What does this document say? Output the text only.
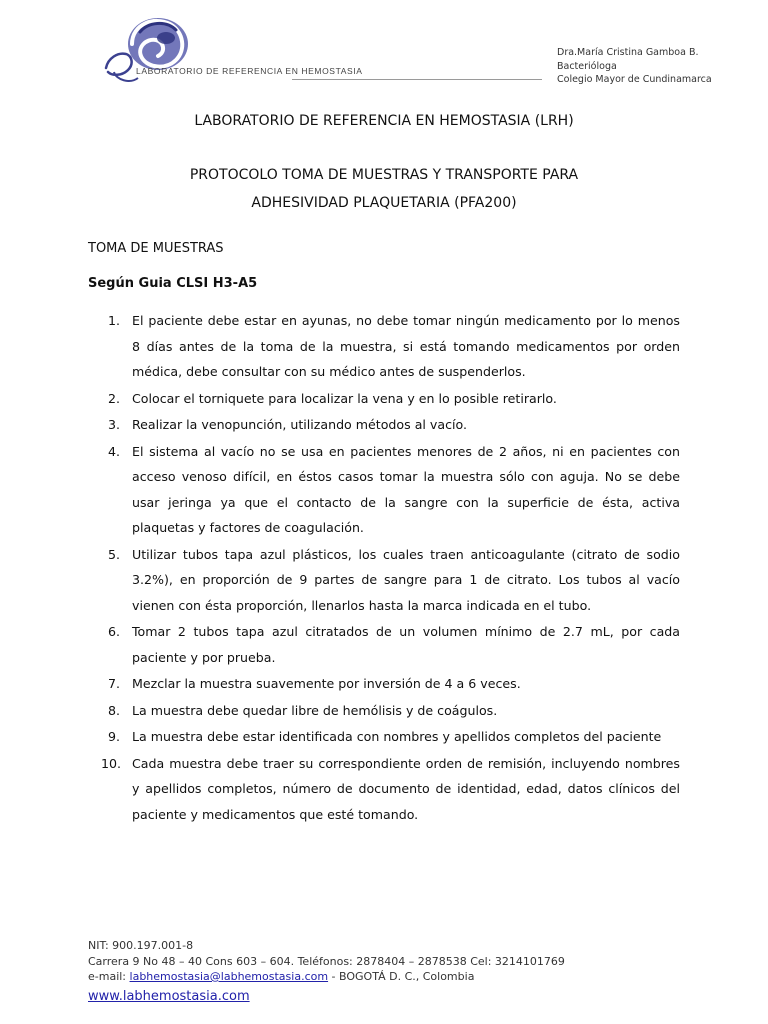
LABORATORIO DE REFERENCIA EN HEMOSTASIA
Dra.María Cristina Gamboa B.
Bacterióloga
Colegio Mayor de Cundinamarca
LABORATORIO DE REFERENCIA EN HEMOSTASIA (LRH)
PROTOCOLO TOMA DE MUESTRAS Y TRANSPORTE PARA
ADHESIVIDAD PLAQUETARIA (PFA200)
TOMA DE MUESTRAS
Según Guia CLSI H3-A5
1. El paciente debe estar en ayunas, no debe tomar ningún medicamento por lo menos 8 días antes de la toma de la muestra, si está tomando medicamentos por orden médica, debe consultar con su médico antes de suspenderlos.
2. Colocar el torniquete para localizar la vena y en lo posible retirarlo.
3. Realizar la venopunción, utilizando métodos al vacío.
4. El sistema al vacío no se usa en pacientes menores de 2 años, ni en pacientes con acceso venoso difícil, en éstos casos tomar la muestra sólo con aguja. No se debe usar jeringa ya que el contacto de la sangre con la superficie de ésta, activa plaquetas y factores de coagulación.
5. Utilizar tubos tapa azul plásticos, los cuales traen anticoagulante (citrato de sodio 3.2%), en proporción de 9 partes de sangre para 1 de citrato. Los tubos al vacío vienen con ésta proporción, llenarlos hasta la marca indicada en el tubo.
6. Tomar 2 tubos tapa azul citratados de un volumen mínimo de 2.7 mL, por cada paciente y por prueba.
7. Mezclar la muestra suavemente por inversión de 4 a 6 veces.
8. La muestra debe quedar libre de hemólisis y de coágulos.
9. La muestra debe estar identificada con nombres y apellidos completos del paciente
10. Cada muestra debe traer su correspondiente orden de remisión, incluyendo nombres y apellidos completos, número de documento de identidad, edad, datos clínicos del paciente y medicamentos que esté tomando.
NIT: 900.197.001-8
Carrera 9 No 48 – 40 Cons 603 – 604. Teléfonos: 2878404 – 2878538 Cel: 3214101769
e-mail: labhemostasia@labhemostasia.com - BOGOTÁ D. C., Colombia
www.labhemostasia.com
